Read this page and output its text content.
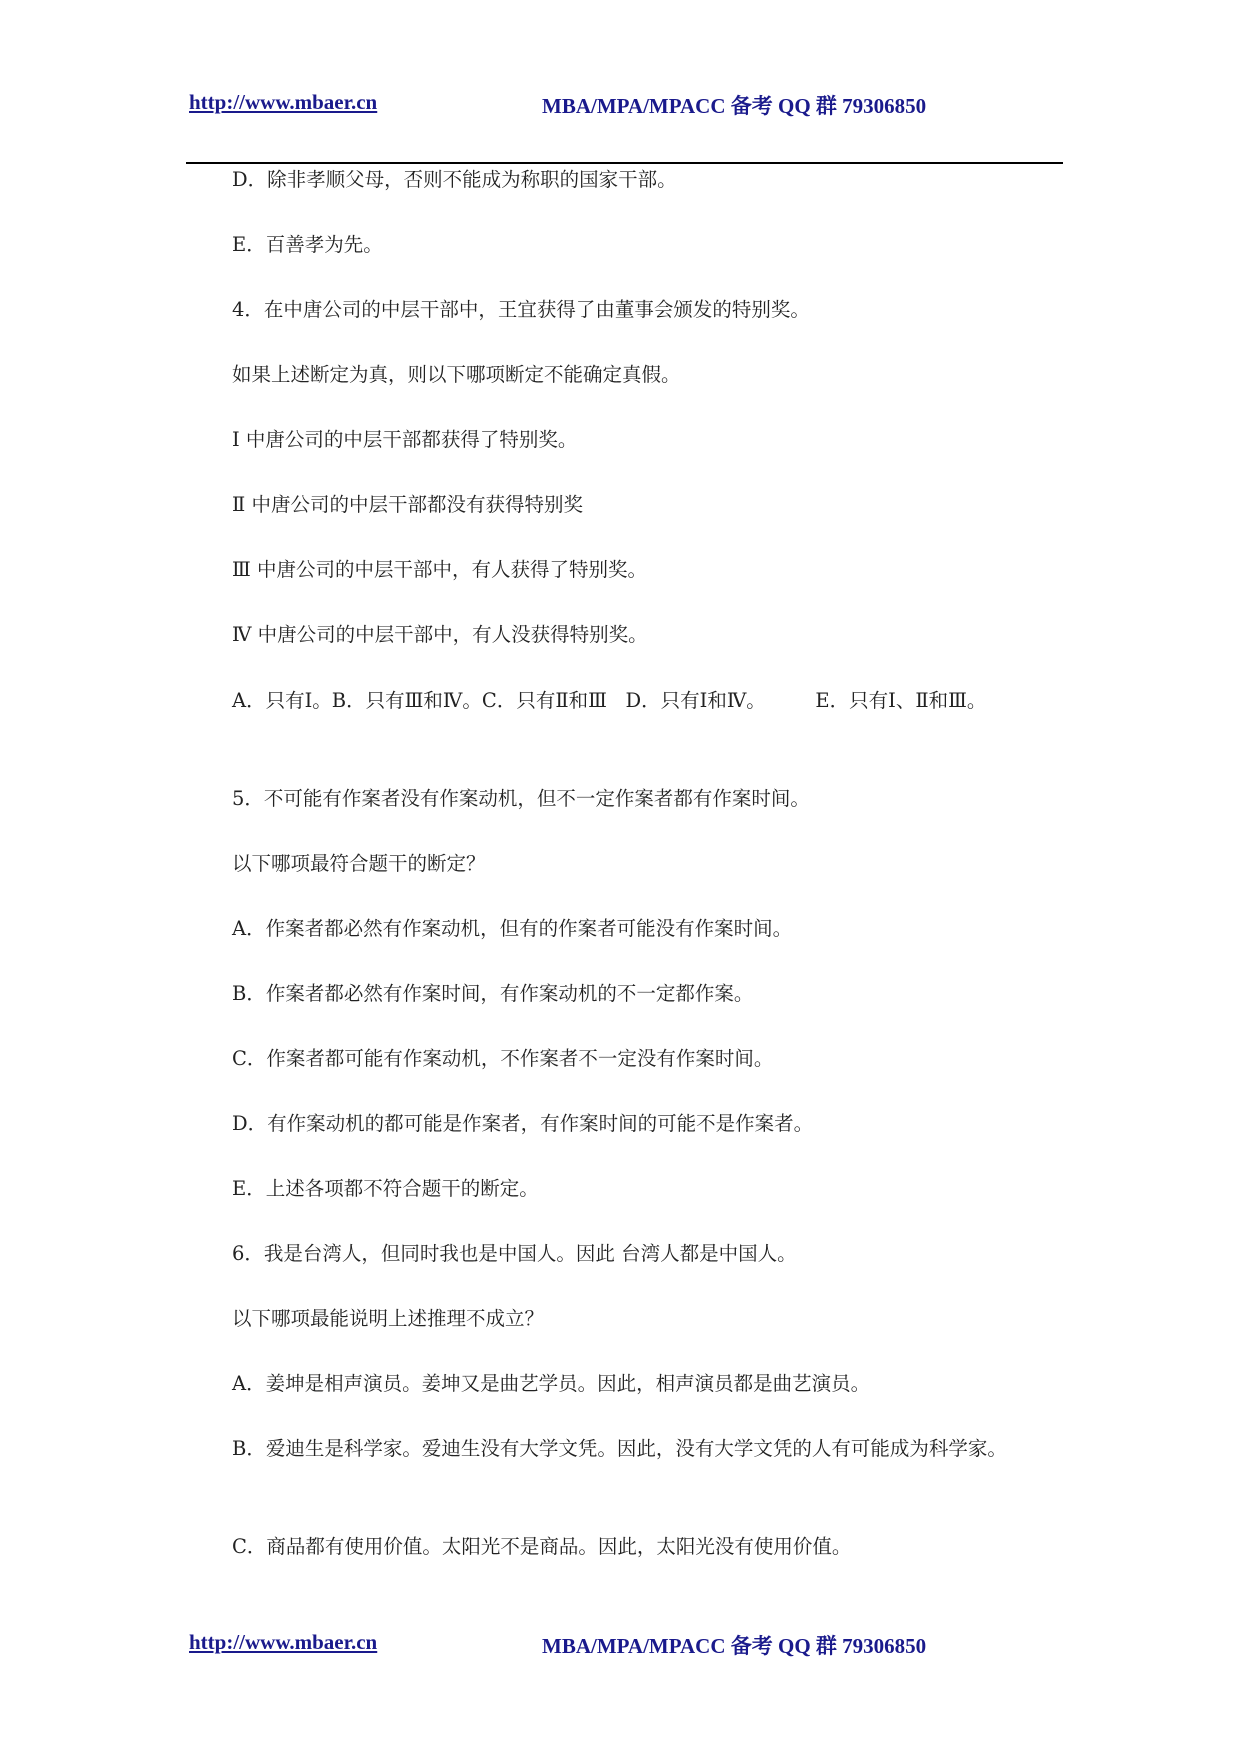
http://www.mbaer.cn	MBA/MPA/MPACC 备考 QQ 群 79306850
D．除非孝顺父母，否则不能成为称职的国家干部。
E．百善孝为先。
4．在中唐公司的中层干部中，王宜获得了由董事会颁发的特别奖。
如果上述断定为真，则以下哪项断定不能确定真假。
Ⅰ 中唐公司的中层干部都获得了特别奖。
Ⅱ 中唐公司的中层干部都没有获得特别奖
Ⅲ 中唐公司的中层干部中，有人获得了特别奖。
Ⅳ 中唐公司的中层干部中，有人没获得特别奖。
A．只有Ⅰ。B．只有Ⅲ和Ⅳ。C．只有Ⅱ和Ⅲ   D．只有Ⅰ和Ⅳ。        E．只有Ⅰ、Ⅱ和Ⅲ。
5．不可能有作案者没有作案动机，但不一定作案者都有作案时间。
以下哪项最符合题干的断定？
A．作案者都必然有作案动机，但有的作案者可能没有作案时间。
B．作案者都必然有作案时间，有作案动机的不一定都作案。
C．作案者都可能有作案动机，不作案者不一定没有作案时间。
D．有作案动机的都可能是作案者，有作案时间的可能不是作案者。
E．上述各项都不符合题干的断定。
6．我是台湾人，但同时我也是中国人。因此 台湾人都是中国人。
以下哪项最能说明上述推理不成立？
A．姜坤是相声演员。姜坤又是曲艺学员。因此，相声演员都是曲艺演员。
B．爱迪生是科学家。爱迪生没有大学文凭。因此，没有大学文凭的人有可能成为科学家。
C．商品都有使用价值。太阳光不是商品。因此，太阳光没有使用价值。
http://www.mbaer.cn	MBA/MPA/MPACC 备考 QQ 群 79306850
